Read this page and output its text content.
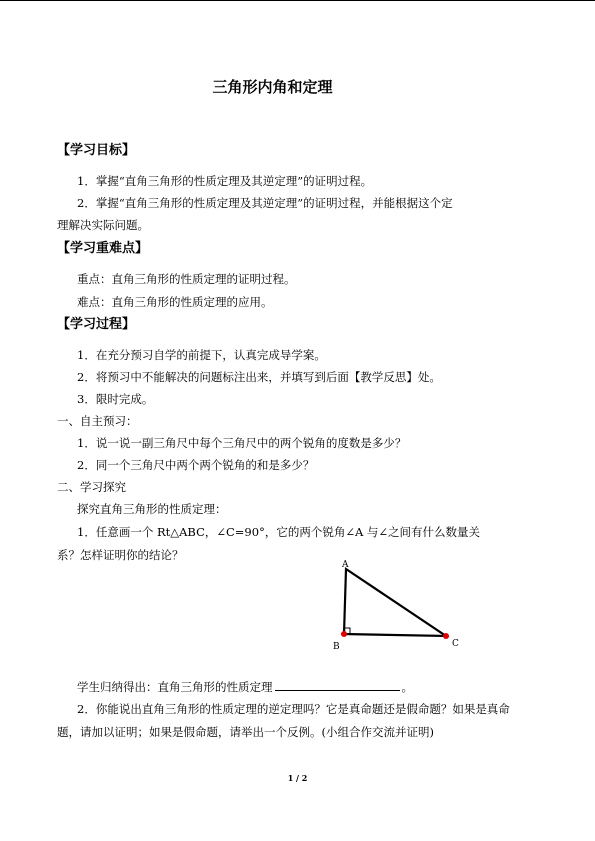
三角形内角和定理
【学习目标】
1．掌握“直角三角形的性质定理及其逆定理”的证明过程。
2．掌握“直角三角形的性质定理及其逆定理”的证明过程，并能根据这个定
理解决实际问题。
【学习重难点】
重点：直角三角形的性质定理的证明过程。
难点：直角三角形的性质定理的应用。
【学习过程】
1．在充分预习自学的前提下，认真完成导学案。
2．将预习中不能解决的问题标注出来，并填写到后面【教学反思】处。
3．限时完成。
一、自主预习：
1．说一说一副三角尺中每个三角尺中的两个锐角的度数是多少？
2．同一个三角尺中两个两个锐角的和是多少？
二、学习探究
探究直角三角形的性质定理：
1．任意画一个 Rt△ABC，∠C=90°，它的两个锐角∠A 与∠之间有什么数量关
系？怎样证明你的结论？
A
B	C
学生归纳得出：直角三角形的性质定理	。
2．你能说出直角三角形的性质定理的逆定理吗？它是真命题还是假命题？如果是真命
题，请加以证明；如果是假命题，请举出一个反例。(小组合作交流并证明)
1 / 2
